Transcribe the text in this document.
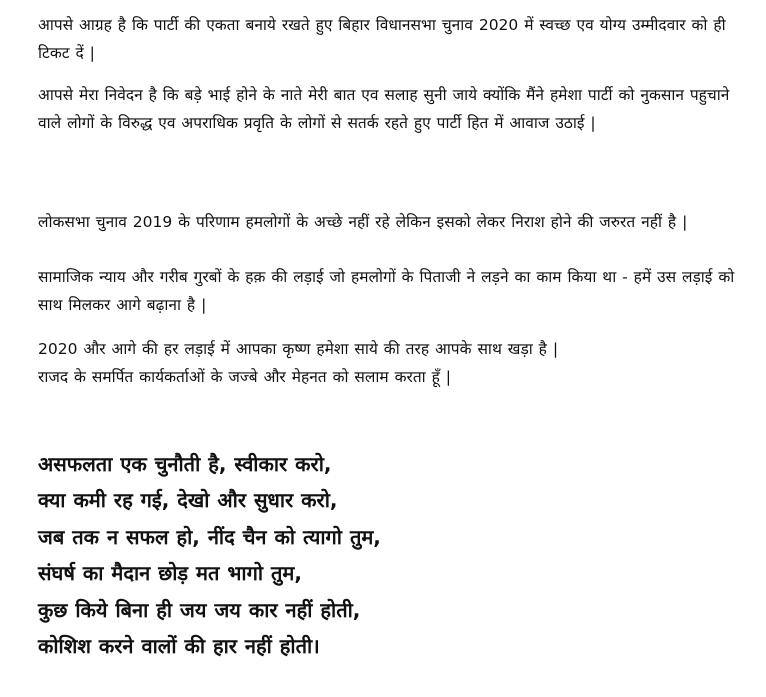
आपसे आग्रह है कि पार्टी की एकता बनाये रखते हुए बिहार विधानसभा चुनाव 2020 में स्वच्छ एव योग्य उम्मीदवार को ही टिकट दें |

आपसे मेरा निवेदन है कि बड़े भाई होने के नाते मेरी बात एव सलाह सुनी जाये क्योंकि मैंने हमेशा पार्टी को नुकसान पहुचाने वाले लोगों के विरुद्ध एव अपराधिक प्रवृति के लोगों से सतर्क रहते हुए पार्टी हित में आवाज उठाई |

लोकसभा चुनाव 2019 के परिणाम हमलोगों के अच्छे नहीं रहे लेकिन इसको लेकर निराश होने की जरुरत नहीं है |

सामाजिक न्याय और गरीब गुरबों के हक़ की लड़ाई जो हमलोगों के पिताजी ने लड़ने का काम किया था - हमें उस लड़ाई को साथ मिलकर आगे बढ़ाना है |

2020 और आगे की हर लड़ाई में आपका कृष्ण हमेशा साये की तरह आपके साथ खड़ा है |

राजद के समर्पित कार्यकर्ताओं के जज्बे और मेहनत को सलाम करता हूँ |

असफलता एक चुनौती है, स्वीकार करो,
क्या कमी रह गई, देखो और सुधार करो,
जब तक न सफल हो, नींद चैन को त्यागो तुम,
संघर्ष का मैदान छोड़ मत भागो तुम,
कुछ किये बिना ही जय जय कार नहीं होती,
कोशिश करने वालों की हार नहीं होती।
